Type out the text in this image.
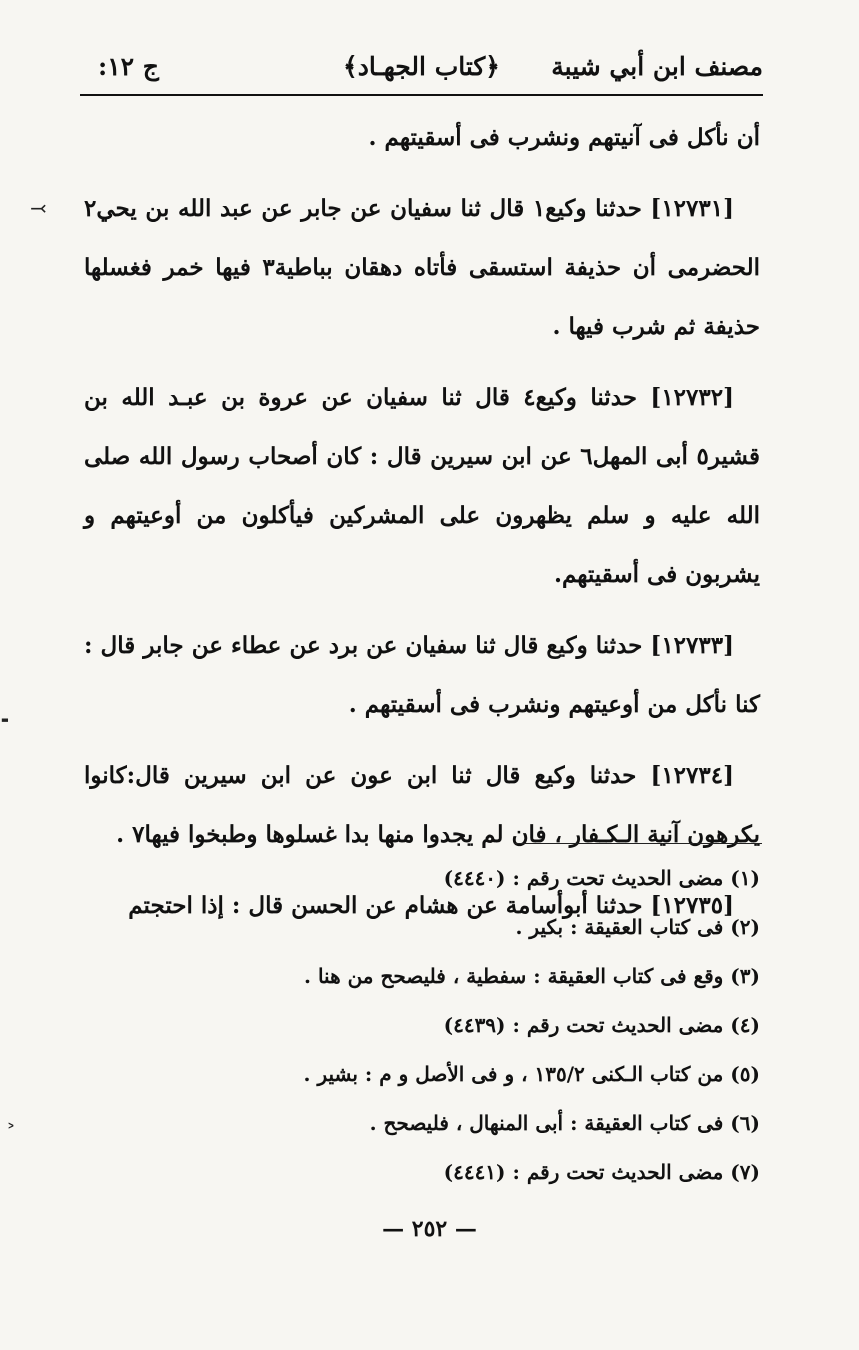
مصنف ابن أبي شيبة
﴿كتاب الجهـاد﴾
ج ١٢:

أن نأكل فى آنيتهم ونشرب فى أسقيتهم .

[١٢٧٣١] حدثنا وكيع١ قال ثنا سفيان عن جابر عن عبد الله بن يحي٢ الحضرمى أن حذيفة استسقى فأتاه دهقان بباطية٣ فيها خمر فغسلها حذيفة ثم شرب فيها .

[١٢٧٣٢] حدثنا وكيع٤ قال ثنا سفيان عن عروة بن عبـد الله بن قشير٥ أبى المهل٦ عن ابن سيرين قال : كان أصحاب رسول الله صلى الله عليه و سلم يظهرون على المشركين فيأكلون من أوعيتهم و يشربون فى أسقيتهم.

[١٢٧٣٣] حدثنا وكيع قال ثنا سفيان عن برد عن عطاء عن جابر قال : كنا نأكل من أوعيتهم ونشرب فى أسقيتهم .

[١٢٧٣٤] حدثنا وكيع قال ثنا ابن عون عن ابن سيرين قال:كانوا يكرهون آنية الـكـفار ، فان لم يجدوا منها بدا غسلوها وطبخوا فيها٧ .

[١٢٧٣٥] حدثنا أبوأسامة عن هشام عن الحسن قال : إذا احتجتم

(١) مضى الحديث تحت رقم : (٤٤٤٠)
(٢) فى كتاب العقيقة : بكير .
(٣) وقع فى كتاب العقيقة : سفطية ، فليصحح من هنا .
(٤) مضى الحديث تحت رقم : (٤٤٣٩)
(٥) من كتاب الـكنى ١٣٥/٢ ، و فى الأصل و م : بشير .
(٦) فى كتاب العقيقة : أبى المنهال ، فليصحح .
(٧) مضى الحديث تحت رقم : (٤٤٤١)
— ٢٥٢ —
⤙
╸
˃
